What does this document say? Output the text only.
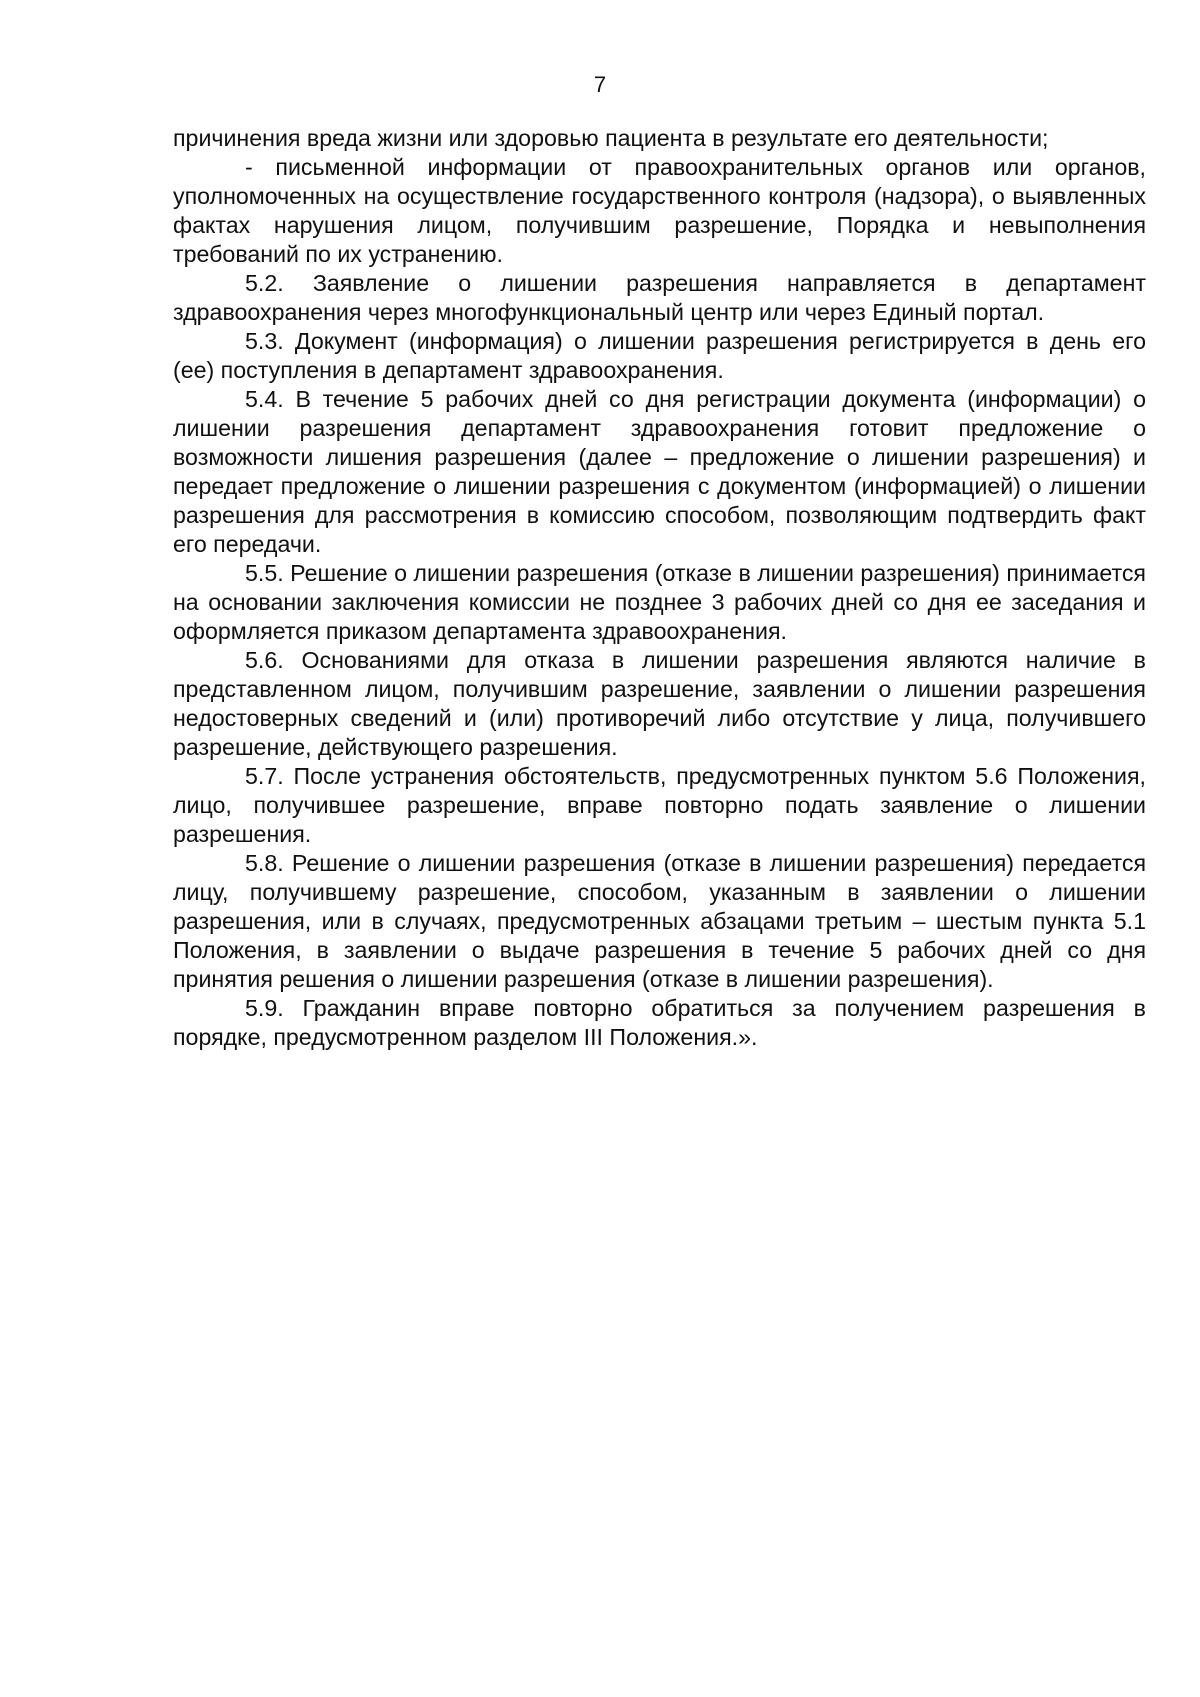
7

причинения вреда жизни или здоровью пациента в результате его деятельности;

- письменной информации от правоохранительных органов или органов, уполномоченных на осуществление государственного контроля (надзора), о выявленных фактах нарушения лицом, получившим разрешение, Порядка и невыполнения требований по их устранению.

5.2. Заявление о лишении разрешения направляется в департамент здравоохранения через многофункциональный центр или через Единый портал.

5.3. Документ (информация) о лишении разрешения регистрируется в день его (ее) поступления в департамент здравоохранения.

5.4. В течение 5 рабочих дней со дня регистрации документа (информации) о лишении разрешения департамент здравоохранения готовит предложение о возможности лишения разрешения (далее – предложение о лишении разрешения) и передает предложение о лишении разрешения с документом (информацией) о лишении разрешения для рассмотрения в комиссию способом, позволяющим подтвердить факт его передачи.

5.5. Решение о лишении разрешения (отказе в лишении разрешения) принимается на основании заключения комиссии не позднее 3 рабочих дней со дня ее заседания и оформляется приказом департамента здравоохранения.

5.6. Основаниями для отказа в лишении разрешения являются наличие в представленном лицом, получившим разрешение, заявлении о лишении разрешения недостоверных сведений и (или) противоречий либо отсутствие у лица, получившего разрешение, действующего разрешения.

5.7. После устранения обстоятельств, предусмотренных пунктом 5.6 Положения, лицо, получившее разрешение, вправе повторно подать заявление о лишении разрешения.

5.8. Решение о лишении разрешения (отказе в лишении разрешения) передается лицу, получившему разрешение, способом, указанным в заявлении о лишении разрешения, или в случаях, предусмотренных абзацами третьим – шестым пункта 5.1 Положения, в заявлении о выдаче разрешения в течение 5 рабочих дней со дня принятия решения о лишении разрешения (отказе в лишении разрешения).

5.9. Гражданин вправе повторно обратиться за получением разрешения в порядке, предусмотренном разделом III Положения.».
